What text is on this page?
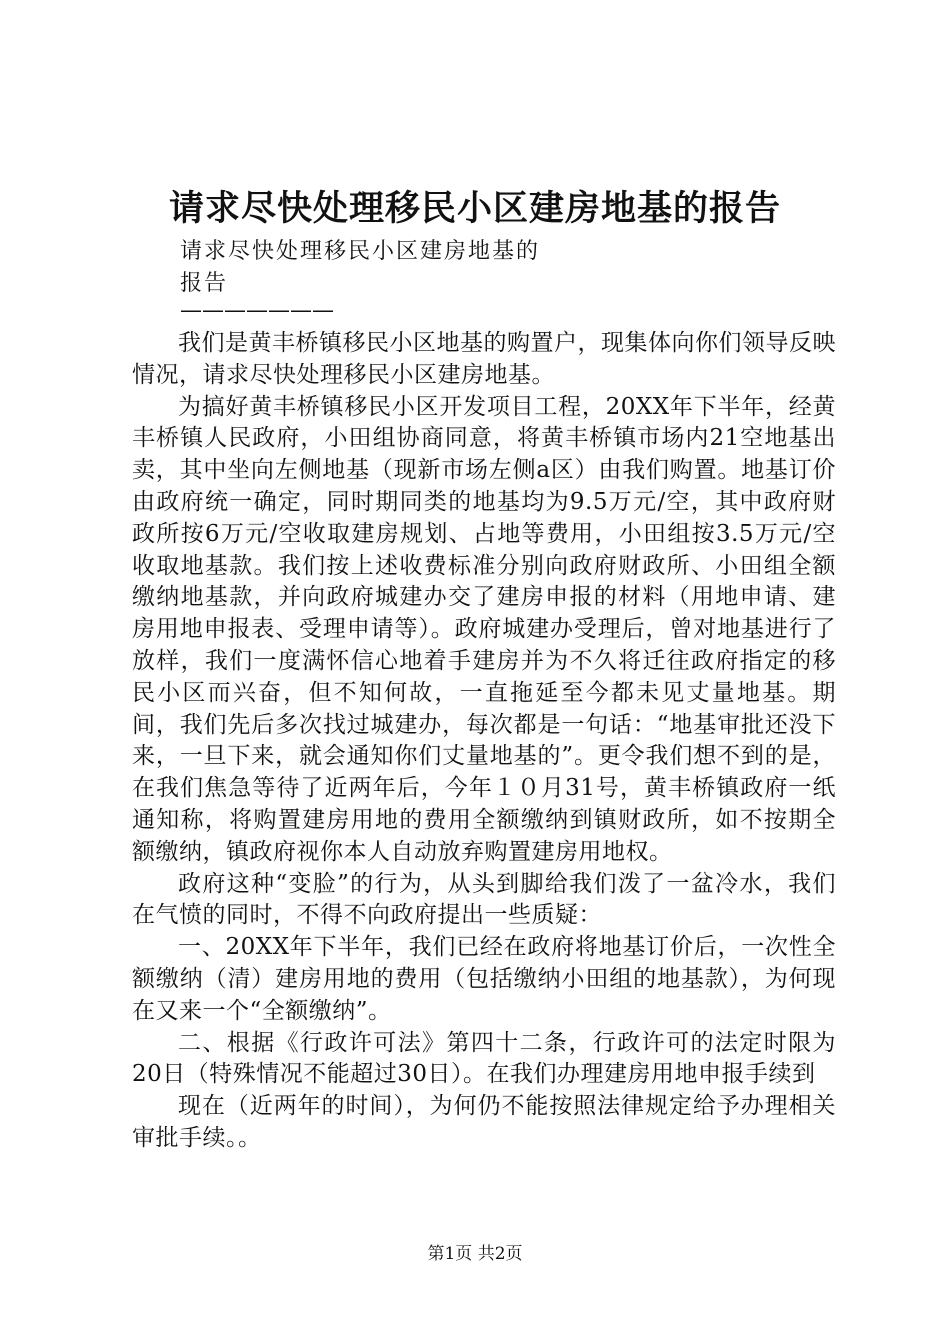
请求尽快处理移民小区建房地基的报告
请求尽快处理移民小区建房地基的
报告
———————

我们是黄丰桥镇移民小区地基的购置户，现集体向你们领导反映情况，请求尽快处理移民小区建房地基。

为搞好黄丰桥镇移民小区开发项目工程，20XX年下半年，经黄丰桥镇人民政府，小田组协商同意，将黄丰桥镇市场内21空地基出卖，其中坐向左侧地基（现新市场左侧a区）由我们购置。地基订价由政府统一确定，同时期同类的地基均为9.5万元/空，其中政府财政所按6万元/空收取建房规划、占地等费用，小田组按3.5万元/空收取地基款。我们按上述收费标准分别向政府财政所、小田组全额缴纳地基款，并向政府城建办交了建房申报的材料（用地申请、建房用地申报表、受理申请等）。政府城建办受理后，曾对地基进行了放样，我们一度满怀信心地着手建房并为不久将迁往政府指定的移民小区而兴奋，但不知何故，一直拖延至今都未见丈量地基。期间，我们先后多次找过城建办，每次都是一句话：“地基审批还没下来，一旦下来，就会通知你们丈量地基的”。更令我们想不到的是，在我们焦急等待了近两年后，今年１０月31号，黄丰桥镇政府一纸通知称，将购置建房用地的费用全额缴纳到镇财政所，如不按期全额缴纳，镇政府视你本人自动放弃购置建房用地权。

政府这种“变脸”的行为，从头到脚给我们泼了一盆冷水，我们在气愤的同时，不得不向政府提出一些质疑：

一、20XX年下半年，我们已经在政府将地基订价后，一次性全额缴纳（清）建房用地的费用（包括缴纳小田组的地基款），为何现在又来一个“全额缴纳”。

二、根据《行政许可法》第四十二条，行政许可的法定时限为20日（特殊情况不能超过30日）。在我们办理建房用地申报手续到

现在（近两年的时间），为何仍不能按照法律规定给予办理相关审批手续。。

第1页 共2页
